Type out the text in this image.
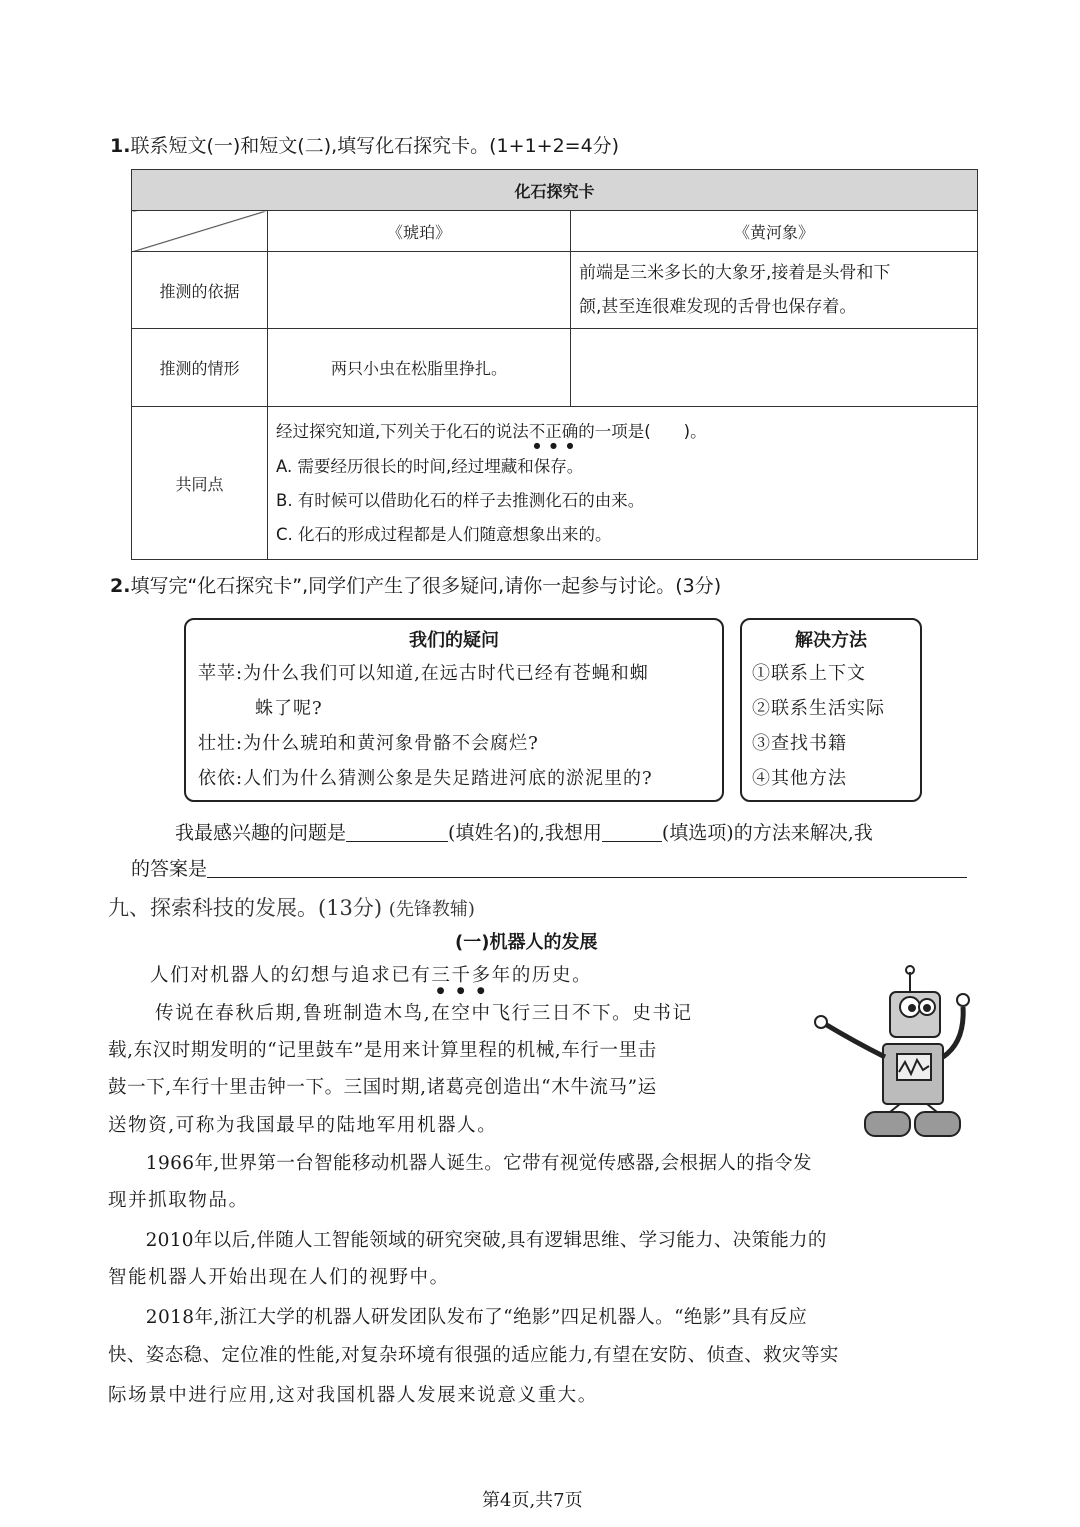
1.联系短文(一)和短文(二),填写化石探究卡。(1+1+2=4分)
化石探究卡		
	《琥珀》	《黄河象》
推测的依据		前端是三米多长的大象牙,接着是头骨和下
颌,甚至连很难发现的舌骨也保存着。

推测的情形	两只小虫在松脂里挣扎。	
共同点	经过探究知道,下列关于化石的说法不正确的一项是(　　)。
A. 需要经历很长的时间,经过埋藏和保存。
B. 有时候可以借助化石的样子去推测化石的由来。
C. 化石的形成过程都是人们随意想象出来的。	
2.填写完“化石探究卡”,同学们产生了很多疑问,请你一起参与讨论。(3分)
我们的疑问
苹苹:为什么我们可以知道,在远古时代已经有苍蝇和蜘
　　　蛛了呢?
壮壮:为什么琥珀和黄河象骨骼不会腐烂?
依依:人们为什么猜测公象是失足踏进河底的淤泥里的?
解决方法
①联系上下文
②联系生活实际
③查找书籍
④其他方法
我最感兴趣的问题是	(填姓名)的,我想用	(填选项)的方法来解决,我
的答案是
九、探索科技的发展。(13分) (先锋教辅)
(一)机器人的发展
人们对机器人的幻想与追求已有三千多年的历史。
传说在春秋后期,鲁班制造木鸟,在空中飞行三日不下。史书记
载,东汉时期发明的“记里鼓车”是用来计算里程的机械,车行一里击
鼓一下,车行十里击钟一下。三国时期,诸葛亮创造出“木牛流马”运
送物资,可称为我国最早的陆地军用机器人。
　　1966年,世界第一台智能移动机器人诞生。它带有视觉传感器,会根据人的指令发
现并抓取物品。
　　2010年以后,伴随人工智能领域的研究突破,具有逻辑思维、学习能力、决策能力的
智能机器人开始出现在人们的视野中。
　　2018年,浙江大学的机器人研发团队发布了“绝影”四足机器人。“绝影”具有反应
快、姿态稳、定位准的性能,对复杂环境有很强的适应能力,有望在安防、侦查、救灾等实
际场景中进行应用,这对我国机器人发展来说意义重大。
第4页,共7页
